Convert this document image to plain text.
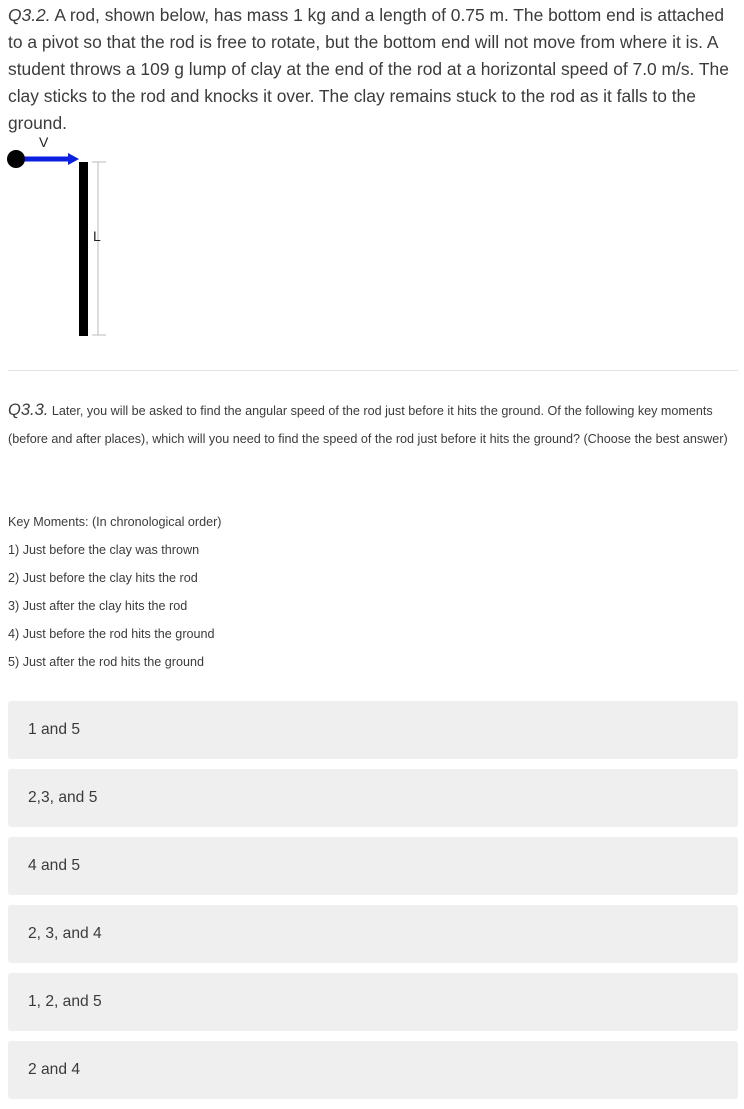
Q3.2. A rod, shown below, has mass 1 kg and a length of 0.75 m. The bottom end is attached to a pivot so that the rod is free to rotate, but the bottom end will not move from where it is. A student throws a 109 g lump of clay at the end of the rod at a horizontal speed of 7.0 m/s. The clay sticks to the rod and knocks it over. The clay remains stuck to the rod as it falls to the ground.
V
L
Q3.3. Later, you will be asked to find the angular speed of the rod just before it hits the ground. Of the following key moments (before and after places), which will you need to find the speed of the rod just before it hits the ground? (Choose the best answer)
Key Moments: (In chronological order)
1) Just before the clay was thrown
2) Just before the clay hits the rod
3) Just after the clay hits the rod
4) Just before the rod hits the ground
5) Just after the rod hits the ground
1 and 5
2,3, and 5
4 and 5
2, 3, and 4
1, 2, and 5
2 and 4
